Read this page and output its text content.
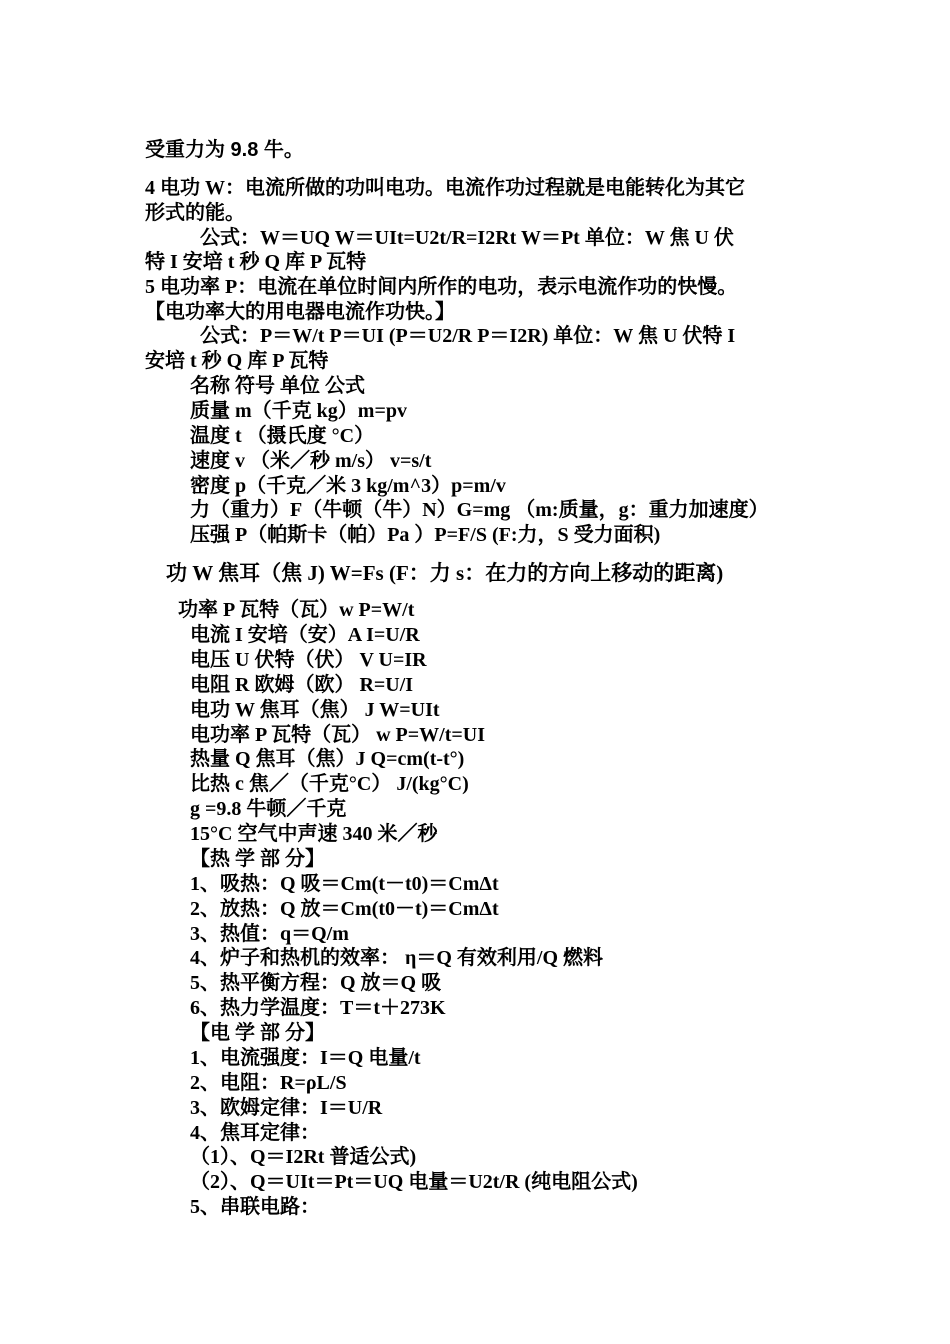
受重力为 9.8 牛。
4 电功 W：电流所做的功叫电功。电流作功过程就是电能转化为其它
形式的能。
公式：W＝UQ W＝UIt=U2t/R=I2Rt W＝Pt 单位：W 焦 U 伏
特 I 安培 t 秒 Q 库 P 瓦特
5 电功率 P：电流在单位时间内所作的电功，表示电流作功的快慢。
【电功率大的用电器电流作功快。】
公式：P＝W/t P＝UI (P＝U2/R P＝I2R) 单位：W 焦 U 伏特 I
安培 t 秒 Q 库 P 瓦特
名称 符号 单位 公式
质量 m（千克 kg）m=pv
温度 t （摄氏度 °C）
速度 v （米／秒 m/s） v=s/t
密度 p（千克／米 3 kg/m^3）p=m/v
力（重力）F（牛顿（牛）N）G=mg （m:质量，g：重力加速度）
压强 P（帕斯卡（帕）Pa ）P=F/S (F:力，S 受力面积)
功 W 焦耳（焦 J) W=Fs (F：力 s：在力的方向上移动的距离)
功率 P 瓦特（瓦）w P=W/t
电流 I 安培（安）A I=U/R
电压 U 伏特（伏） V U=IR
电阻 R 欧姆（欧） R=U/I
电功 W 焦耳（焦） J W=UIt
电功率 P 瓦特（瓦） w P=W/t=UI
热量 Q 焦耳（焦）J Q=cm(t-t°)
比热 c 焦／（千克°C） J/(kg°C)
g =9.8 牛顿／千克
15°C 空气中声速 340 米／秒
【热 学 部 分】
1、吸热：Q 吸＝Cm(t－t0)＝CmΔt
2、放热：Q 放＝Cm(t0－t)＝CmΔt
3、热值：q＝Q/m
4、炉子和热机的效率： η＝Q 有效利用/Q 燃料
5、热平衡方程：Q 放＝Q 吸
6、热力学温度：T＝t＋273K
【电 学 部 分】
1、电流强度：I＝Q 电量/t
2、电阻：R=ρL/S
3、欧姆定律：I＝U/R
4、焦耳定律：
（1）、Q＝I2Rt 普适公式)
（2）、Q＝UIt＝Pt＝UQ 电量＝U2t/R (纯电阻公式)
5、串联电路：
